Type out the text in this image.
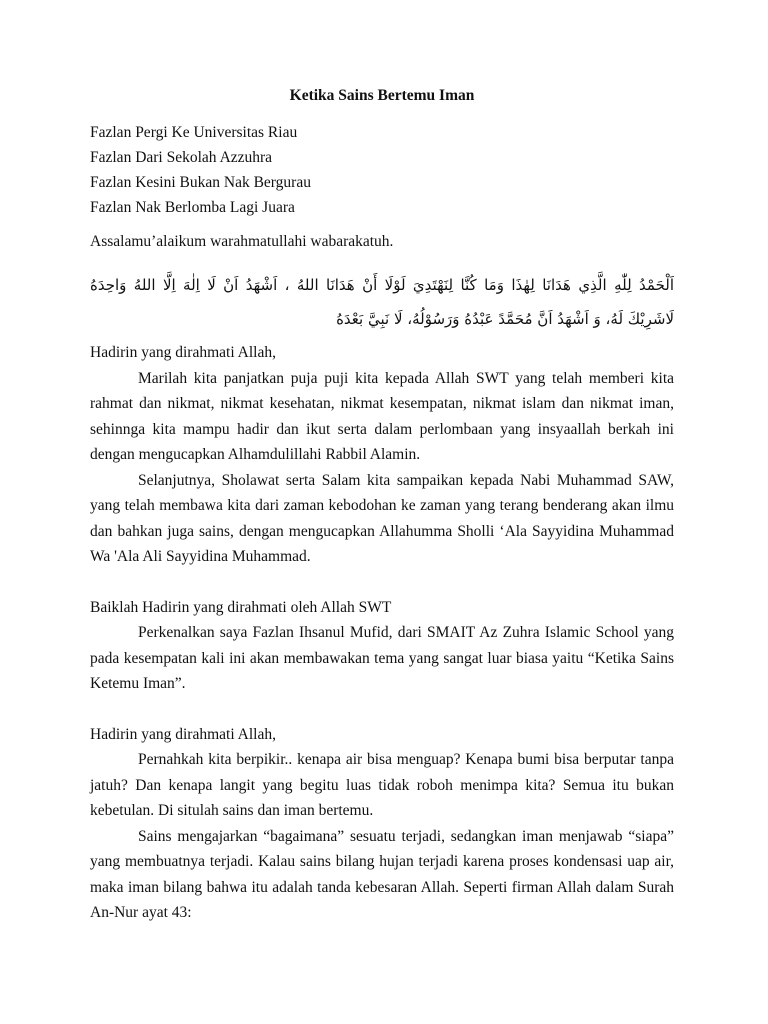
Ketika Sains Bertemu Iman

Fazlan Pergi Ke Universitas Riau

Fazlan Dari Sekolah Azzuhra

Fazlan Kesini Bukan Nak Bergurau

Fazlan Nak Berlomba Lagi Juara

Assalamu’alaikum warahmatullahi wabarakatuh.

اَلْحَمْدُ لِلّٰهِ الَّذِي هَدَانَا لِهٰذَا وَمَا كُنَّا لِنَهْتَدِيَ لَوْلَا أَنْ هَدَانَا اللهُ ، اَشْهَدُ اَنْ لَا اِلٰهَ اِلَّا اللهُ وَاحِدَهُ لَاشَرِيْكَ لَهُ، وَ اَشْهَدُ اَنَّ مُحَمَّدً عَبْدُهُ وَرَسُوْلُهُ، لَا نَبِيَّ بَعْدَهُ

Hadirin yang dirahmati Allah,

Marilah kita panjatkan puja puji kita kepada Allah SWT yang telah memberi kita rahmat dan nikmat, nikmat kesehatan, nikmat kesempatan, nikmat islam dan nikmat iman, sehinnga kita mampu hadir dan ikut serta dalam perlombaan yang insyaallah berkah ini dengan mengucapkan Alhamdulillahi Rabbil Alamin.

Selanjutnya, Sholawat serta Salam kita sampaikan kepada Nabi Muhammad SAW, yang telah membawa kita dari zaman kebodohan ke zaman yang terang benderang akan ilmu dan bahkan juga sains, dengan mengucapkan Allahumma Sholli ‘Ala Sayyidina Muhammad Wa 'Ala Ali Sayyidina Muhammad.

Baiklah Hadirin yang dirahmati oleh Allah SWT

Perkenalkan saya Fazlan Ihsanul Mufid, dari SMAIT Az Zuhra Islamic School yang pada kesempatan kali ini akan membawakan tema yang sangat luar biasa yaitu “Ketika Sains Ketemu Iman”.

Hadirin yang dirahmati Allah,

Pernahkah kita berpikir.. kenapa air bisa menguap? Kenapa bumi bisa berputar tanpa jatuh? Dan kenapa langit yang begitu luas tidak roboh menimpa kita? Semua itu bukan kebetulan. Di situlah sains dan iman bertemu.

Sains mengajarkan “bagaimana” sesuatu terjadi, sedangkan iman menjawab “siapa” yang membuatnya terjadi. Kalau sains bilang hujan terjadi karena proses kondensasi uap air, maka iman bilang bahwa itu adalah tanda kebesaran Allah. Seperti firman Allah dalam Surah An-Nur ayat 43:
